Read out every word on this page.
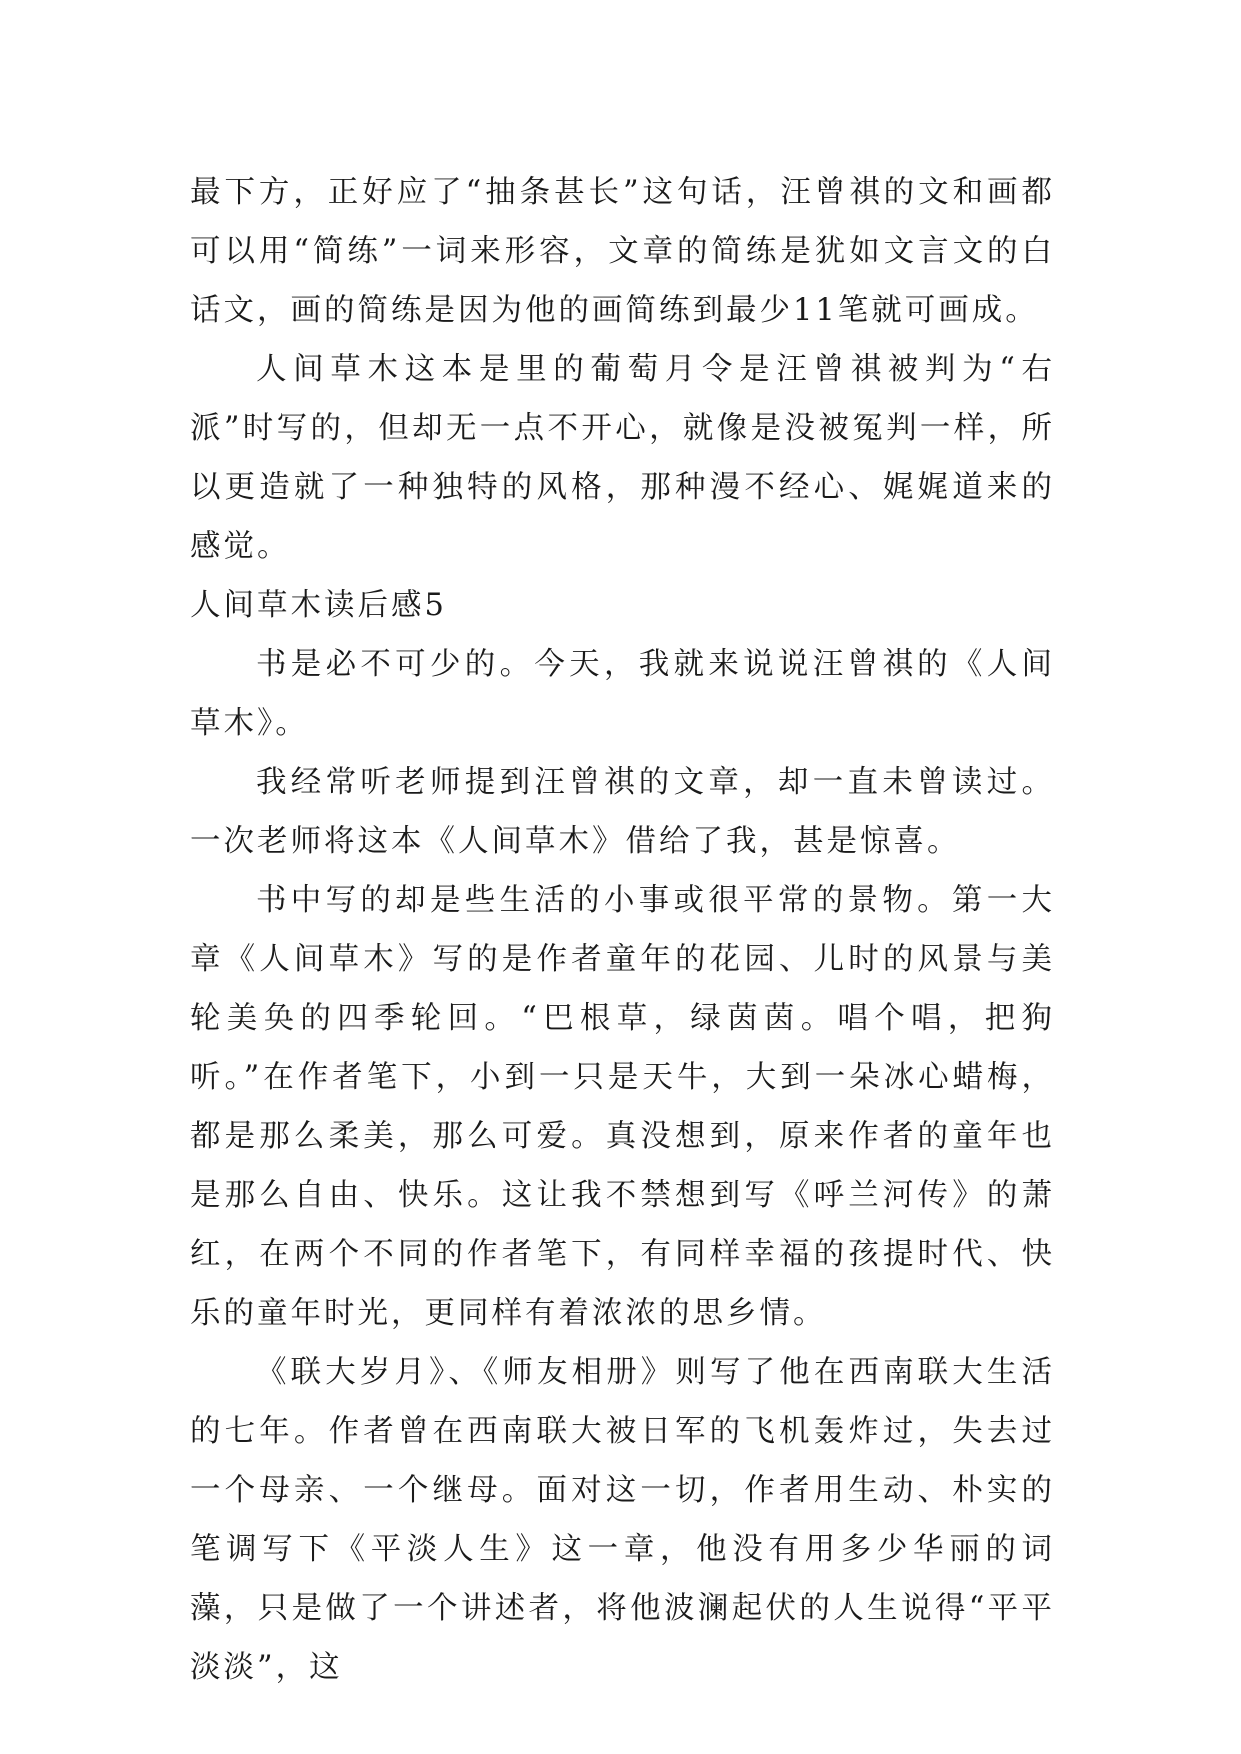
最下方，正好应了“抽条甚长”这句话，汪曾祺的文和画都可以用“简练”一词来形容，文章的简练是犹如文言文的白话文，画的简练是因为他的画简练到最少11笔就可画成。

人间草木这本是里的葡萄月令是汪曾祺被判为“右派”时写的，但却无一点不开心，就像是没被冤判一样，所以更造就了一种独特的风格，那种漫不经心、娓娓道来的感觉。

人间草木读后感5

书是必不可少的。今天，我就来说说汪曾祺的《人间草木》。

我经常听老师提到汪曾祺的文章，却一直未曾读过。一次老师将这本《人间草木》借给了我，甚是惊喜。

书中写的却是些生活的小事或很平常的景物。第一大章《人间草木》写的是作者童年的花园、儿时的风景与美轮美奂的四季轮回。“巴根草，绿茵茵。唱个唱，把狗听。”在作者笔下，小到一只是天牛，大到一朵冰心蜡梅，都是那么柔美，那么可爱。真没想到，原来作者的童年也是那么自由、快乐。这让我不禁想到写《呼兰河传》的萧红，在两个不同的作者笔下，有同样幸福的孩提时代、快乐的童年时光，更同样有着浓浓的思乡情。

《联大岁月》、《师友相册》则写了他在西南联大生活的七年。作者曾在西南联大被日军的飞机轰炸过，失去过一个母亲、一个继母。面对这一切，作者用生动、朴实的笔调写下《平淡人生》这一章，他没有用多少华丽的词藻，只是做了一个讲述者，将他波澜起伏的人生说得“平平淡淡”，这
